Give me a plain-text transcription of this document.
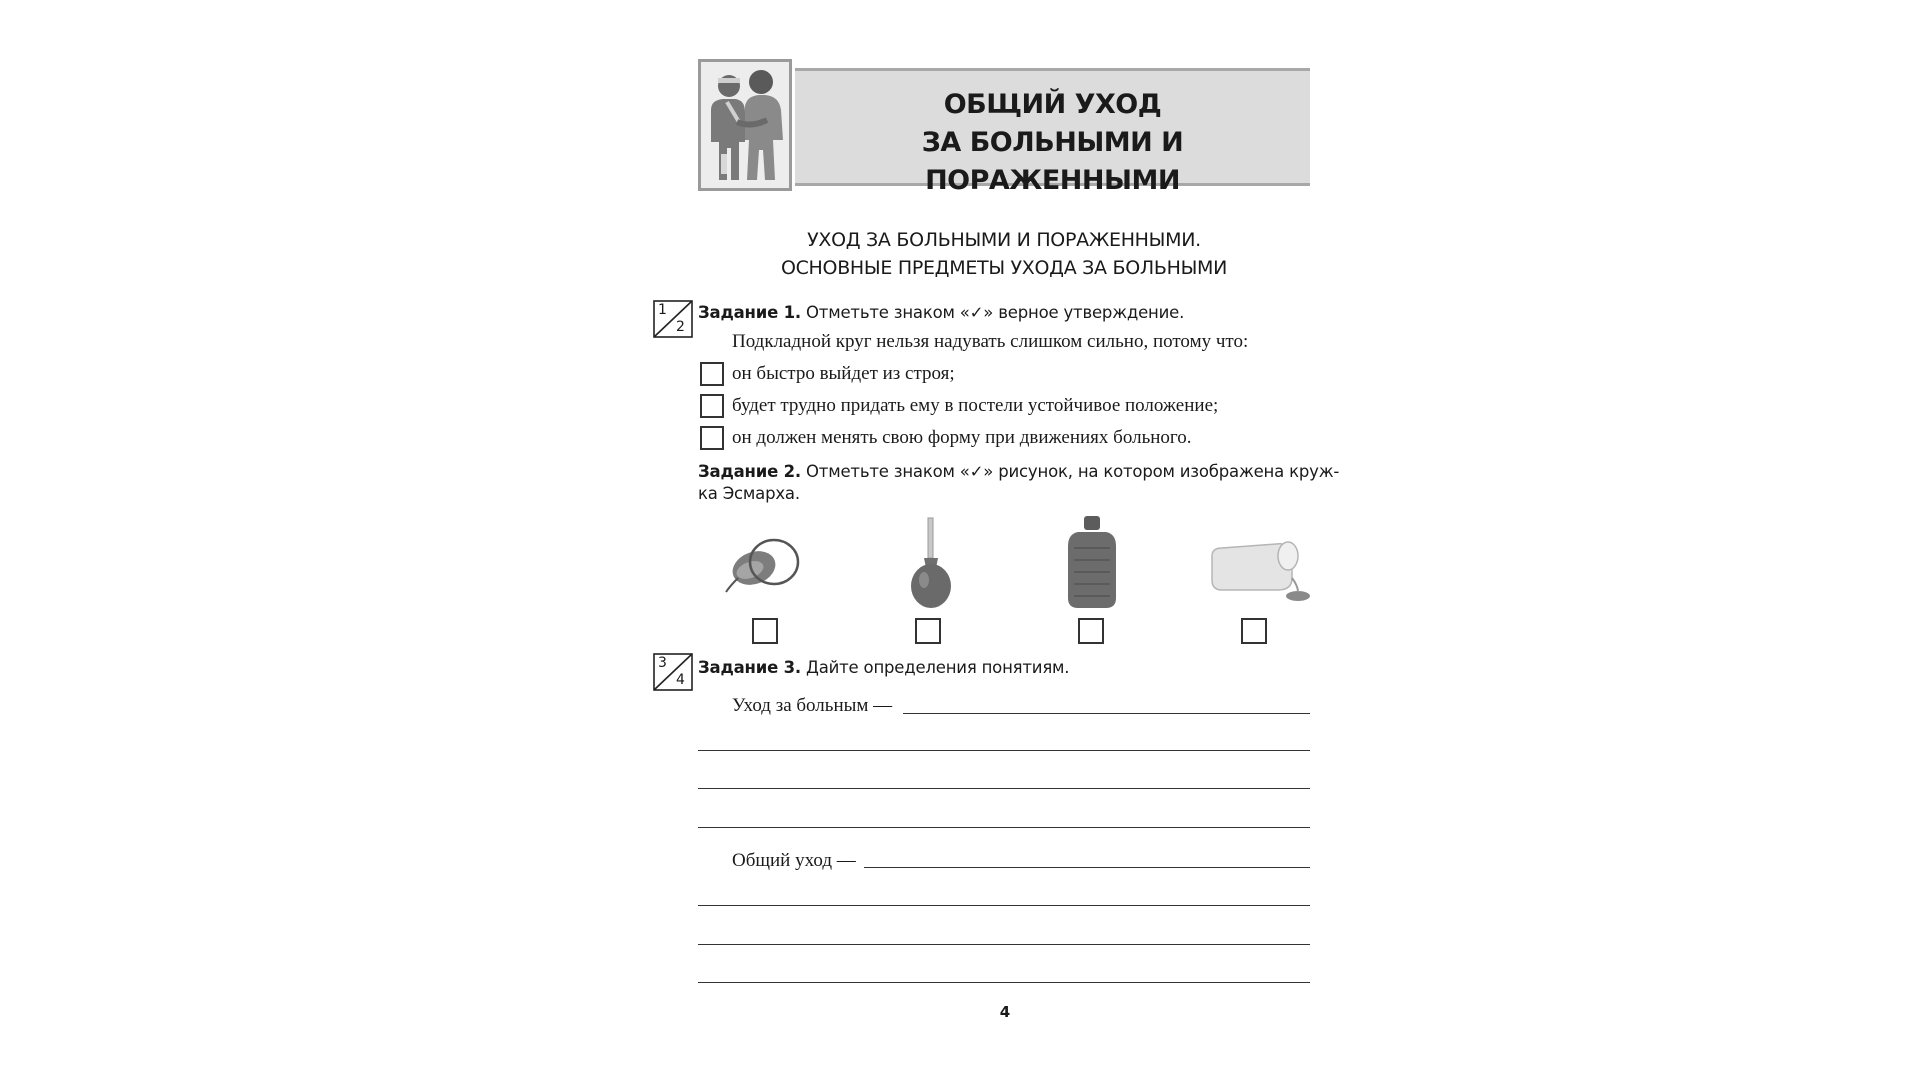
ОБЩИЙ УХОД
ЗА БОЛЬНЫМИ И ПОРАЖЕННЫМИ
УХОД ЗА БОЛЬНЫМИ И ПОРАЖЕННЫМИ.
ОСНОВНЫЕ ПРЕДМЕТЫ УХОДА ЗА БОЛЬНЫМИ
1
2
Задание 1. Отметьте знаком «✓» верное утверждение.
Подкладной круг нельзя надувать слишком сильно, потому что:
он быстро выйдет из строя;
будет трудно придать ему в постели устойчивое положение;
он должен менять свою форму при движениях больного.
Задание 2. Отметьте знаком «✓» рисунок, на котором изображена круж-
ка Эсмарха.
3
4
Задание 3. Дайте определения понятиям.
Уход за больным —
Общий уход —
4
